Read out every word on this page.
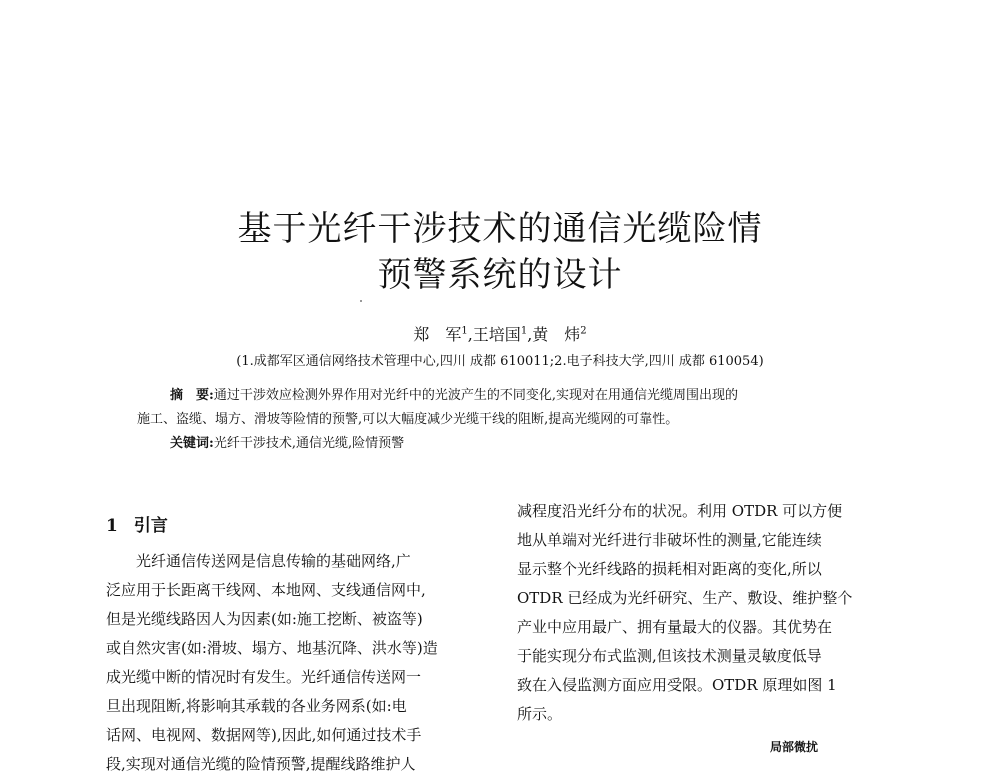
基于光纤干涉技术的通信光缆险情
预警系统的设计
郑　军$^1$,王培国$^1$,黄　炜$^2$
(1.成都军区通信网络技术管理中心,四川 成都 610011;2.电子科技大学,四川 成都 610054)
摘　要:通过干涉效应检测外界作用对光纤中的光波产生的不同变化,实现对在用通信光缆周围出现的
施工、盗缆、塌方、滑坡等险情的预警,可以大幅度减少光缆干线的阻断,提高光缆网的可靠性。
关键词:光纤干涉技术,通信光缆,险情预警
1 引言
光纤通信传送网是信息传输的基础网络,广
泛应用于长距离干线网、本地网、支线通信网中,
但是光缆线路因人为因素(如:施工挖断、被盗等)
或自然灾害(如:滑坡、塌方、地基沉降、洪水等)造
成光缆中断的情况时有发生。光纤通信传送网一
旦出现阻断,将影响其承载的各业务网系(如:电
话网、电视网、数据网等),因此,如何通过技术手
段,实现对通信光缆的险情预警,提醒线路维护人
减程度沿光纤分布的状况。利用 OTDR 可以方便
地从单端对光纤进行非破坏性的测量,它能连续
显示整个光纤线路的损耗相对距离的变化,所以
OTDR 已经成为光纤研究、生产、敷设、维护整个
产业中应用最广、拥有量最大的仪器。其优势在
于能实现分布式监测,但该技术测量灵敏度低导
致在入侵监测方面应用受限。OTDR 原理如图 1
所示。
局部微扰
